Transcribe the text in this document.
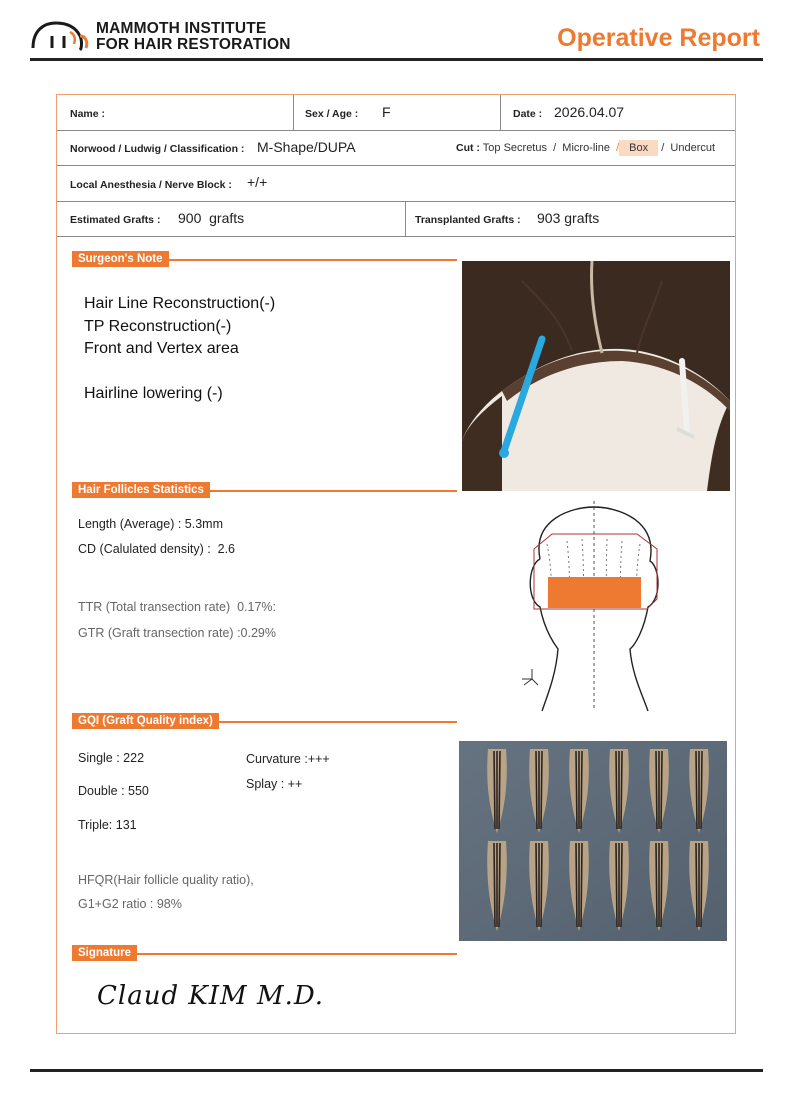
MAMMOTH INSTITUTE
FOR HAIR RESTORATION	Operative Report
Name :	Sex / Age : F	Date : 2026.04.07
Norwood / Ludwig / Classification : M-Shape/DUPA	Cut : Top Secretus / Micro-line / Box / Undercut
Local Anesthesia / Nerve Block : +/+
Estimated Grafts : 900  grafts	Transplanted Grafts : 903 grafts
Surgeon's Note
Hair Line Reconstruction(-)
TP Reconstruction(-)
Front and Vertex area
Hairline lowering (-)
Hair Follicles Statistics
Length (Average) : 5.3mm
CD (Calulated density) :  2.6
TTR (Total transection rate)  0.17%:
GTR (Graft transection rate) :0.29%
GQI (Graft Quality index)
Single : 222
Double : 550
Triple: 131
Curvature :+++
Splay : ++
HFQR(Hair follicle quality ratio),
G1+G2 ratio : 98%
Signature
Claud KIM M.D.
